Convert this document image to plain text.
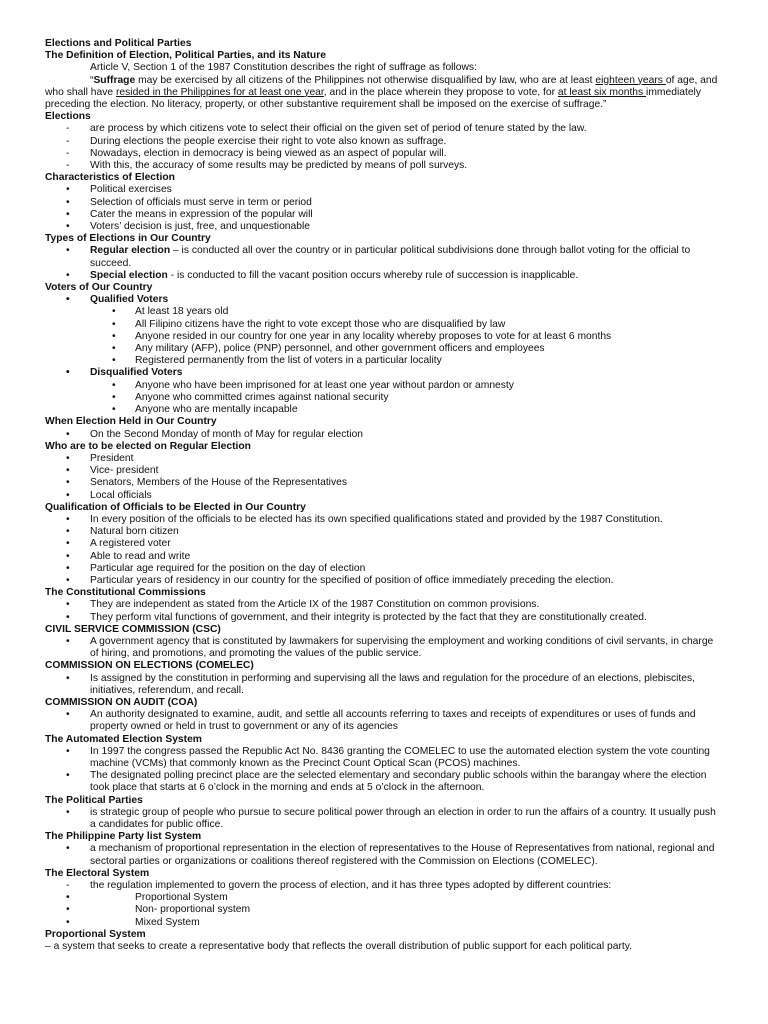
Elections and Political Parties
The Definition of Election, Political Parties, and its Nature
Article V, Section 1 of the 1987 Constitution describes the right of suffrage as follows:
“Suffrage may be exercised by all citizens of the Philippines not otherwise disqualified by law, who are at least eighteen years of age, and who shall have resided in the Philippines for at least one year, and in the place wherein they propose to vote, for at least six months immediately preceding the election. No literacy, property, or other substantive requirement shall be imposed on the exercise of suffrage.”
Elections
-	are process by which citizens vote to select their official on the given set of period of tenure stated by the law.
-	During elections the people exercise their right to vote also known as suffrage.
-	Nowadays, election in democracy is being viewed as an aspect of popular will.
-	With this, the accuracy of some results may be predicted by means of poll surveys.
Characteristics of Election
•	Political exercises
•	Selection of officials must serve in term or period
•	Cater the means in expression of the popular will
•	Voters’ decision is just, free, and unquestionable
Types of Elections in Our Country
•	Regular election – is conducted all over the country or in particular political subdivisions done through ballot voting for the official to succeed.
•	Special election - is conducted to fill the vacant position occurs whereby rule of succession is inapplicable.
Voters of Our Country
•	Qualified Voters
• At least 18 years old
• All Filipino citizens have the right to vote except those who are disqualified by law
• Anyone resided in our country for one year in any locality whereby proposes to vote for at least 6 months
• Any military (AFP), police (PNP) personnel, and other government officers and employees
• Registered permanently from the list of voters in a particular locality
•	Disqualified Voters
• Anyone who have been imprisoned for at least one year without pardon or amnesty
• Anyone who committed crimes against national security
• Anyone who are mentally incapable
When Election Held in Our Country
•	On the Second Monday of month of May for regular election
Who are to be elected on Regular Election
•	President
•	Vice- president
•	Senators, Members of the House of the Representatives
•	Local officials
Qualification of Officials to be Elected in Our Country
•	In every position of the officials to be elected has its own specified qualifications stated and provided by the 1987 Constitution.
•	Natural born citizen
•	A registered voter
•	Able to read and write
•	Particular age required for the position on the day of election
•	Particular years of residency in our country for the specified of position of office immediately preceding the election.
The Constitutional Commissions
•	They are independent as stated from the Article IX of the 1987 Constitution on common provisions.
•	They perform vital functions of government, and their integrity is protected by the fact that they are constitutionally created.
CIVIL SERVICE COMMISSION (CSC)
•	A government agency that is constituted by lawmakers for supervising the employment and working conditions of civil servants, in charge of hiring, and promotions, and promoting the values of the public service.
COMMISSION ON ELECTIONS (COMELEC)
•	Is assigned by the constitution in performing and supervising all the laws and regulation for the procedure of an elections, plebiscites, initiatives, referendum, and recall.
COMMISSION ON AUDIT (COA)
•	An authority designated to examine, audit, and settle all accounts referring to taxes and receipts of expenditures or uses of funds and property owned or held in trust to government or any of its agencies
The Automated Election System
•	In 1997 the congress passed the Republic Act No. 8436 granting the COMELEC to use the automated election system the vote counting machine (VCMs) that commonly known as the Precinct Count Optical Scan (PCOS) machines.
•	The designated polling precinct place are the selected elementary and secondary public schools within the barangay where the election took place that starts at 6 o’clock in the morning and ends at 5 o’clock in the afternoon.
The Political Parties
•	is strategic group of people who pursue to secure political power through an election in order to run the affairs of a country. It usually push a candidates for public office.
The Philippine Party list System
•	a mechanism of proportional representation in the election of representatives to the House of Representatives from national, regional and sectoral parties or organizations or coalitions thereof registered with the Commission on Elections (COMELEC).
The Electoral System
-	the regulation implemented to govern the process of election, and it has three types adopted by different countries:
•	Proportional System
•	Non- proportional system
•	Mixed System
Proportional System
– a system that seeks to create a representative body that reflects the overall distribution of public support for each political party.
